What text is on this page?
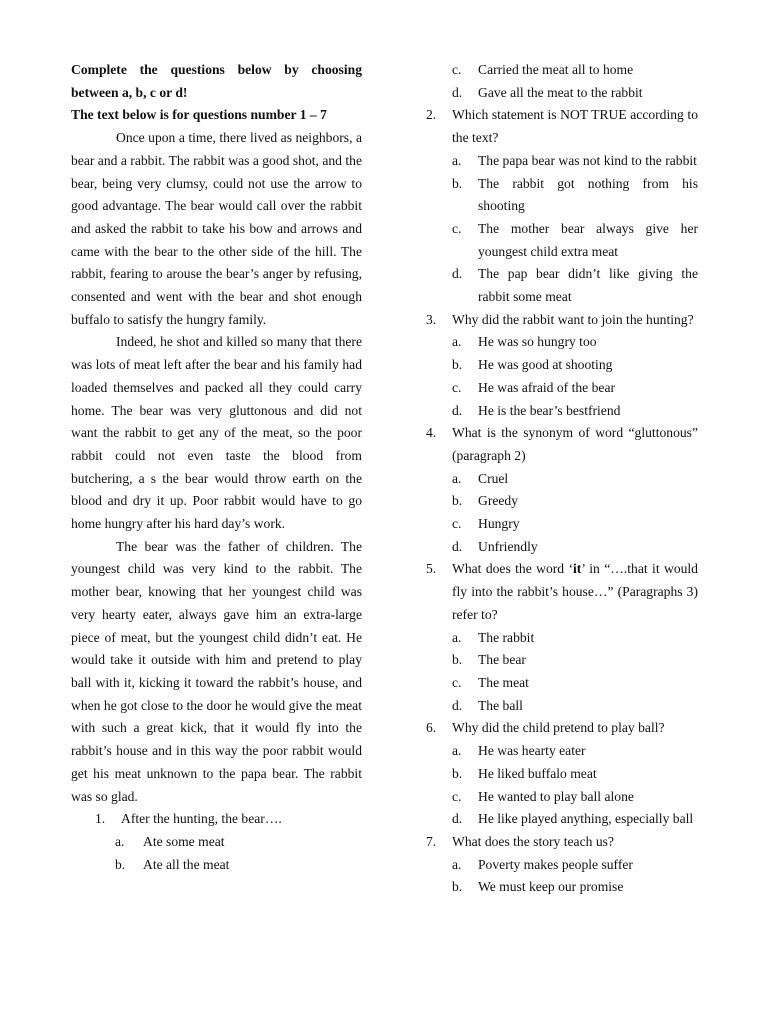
Complete the questions below by choosing between a, b, c or d!
The text below is for questions number 1 – 7

Once upon a time, there lived as neighbors, a bear and a rabbit. The rabbit was a good shot, and the bear, being very clumsy, could not use the arrow to good advantage. The bear would call over the rabbit and asked the rabbit to take his bow and arrows and came with the bear to the other side of the hill. The rabbit, fearing to arouse the bear’s anger by refusing, consented and went with the bear and shot enough buffalo to satisfy the hungry family.

Indeed, he shot and killed so many that there was lots of meat left after the bear and his family had loaded themselves and packed all they could carry home. The bear was very gluttonous and did not want the rabbit to get any of the meat, so the poor rabbit could not even taste the blood from butchering, a s the bear would throw earth on the blood and dry it up. Poor rabbit would have to go home hungry after his hard day’s work.

The bear was the father of children. The youngest child was very kind to the rabbit. The mother bear, knowing that her youngest child was very hearty eater, always gave him an extra-large piece of meat, but the youngest child didn’t eat. He would take it outside with him and pretend to play ball with it, kicking it toward the rabbit’s house, and when he got close to the door he would give the meat with such a great kick, that it would fly into the rabbit’s house and in this way the poor rabbit would get his meat unknown to the papa bear. The rabbit was so glad.

1.	After the hunting, the bear….
a.	Ate some meat
b.	Ate all the meat
c.	Carried the meat all to home
d.	Gave all the meat to the rabbit
2.	Which statement is NOT TRUE according to the text?
a.	The papa bear was not kind to the rabbit
b.	The rabbit got nothing from his shooting
c.	The mother bear always give her youngest child extra meat
d.	The pap bear didn’t like giving the rabbit some meat
3.	Why did the rabbit want to join the hunting?
a.	He was so hungry too
b.	He was good at shooting
c.	He was afraid of the bear
d.	He is the bear’s bestfriend
4.	What is the synonym of word “gluttonous” (paragraph 2)
a.	Cruel
b.	Greedy
c.	Hungry
d.	Unfriendly
5.	What does the word ‘it’ in “….that it would fly into the rabbit’s house…” (Paragraphs 3) refer to?
a.	The rabbit
b.	The bear
c.	The meat
d.	The ball
6.	Why did the child pretend to play ball?
a.	He was hearty eater
b.	He liked buffalo meat
c.	He wanted to play ball alone
d.	He like played anything, especially ball
7.	What does the story teach us?
a.	Poverty makes people suffer
b.	We must keep our promise
